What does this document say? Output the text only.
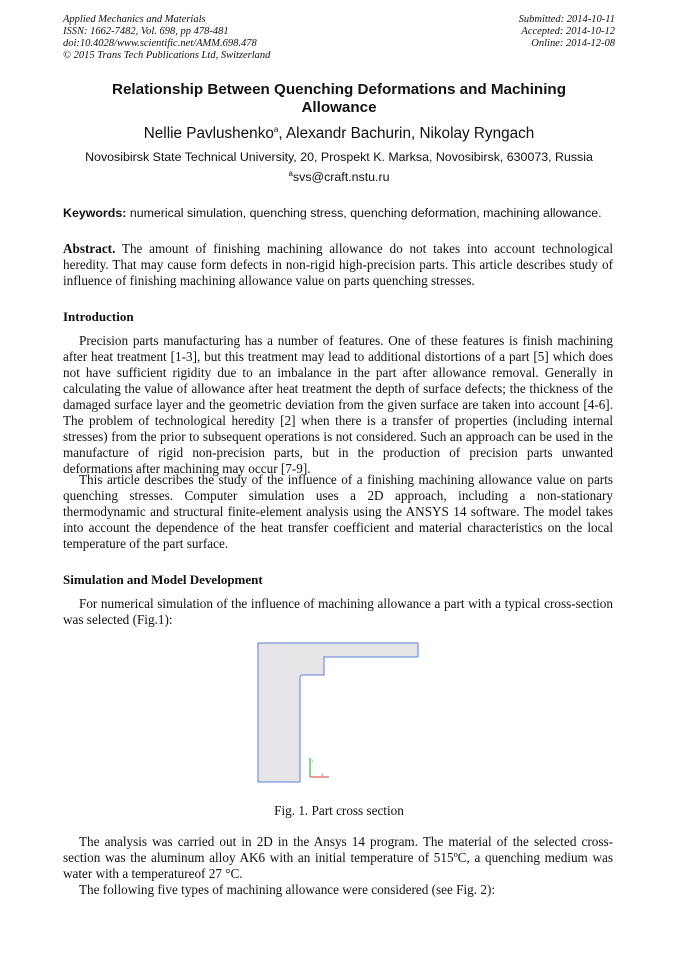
Applied Mechanics and Materials
ISSN: 1662-7482, Vol. 698, pp 478-481
doi:10.4028/www.scientific.net/AMM.698.478
© 2015 Trans Tech Publications Ltd, Switzerland
Submitted: 2014-10-11
Accepted: 2014-10-12
Online: 2014-12-08
Relationship Between Quenching Deformations and Machining
Allowance
Nellie Pavlushenko$^a$, Alexandr Bachurin, Nikolay Ryngach
Novosibirsk State Technical University, 20, Prospekt K. Marksa, Novosibirsk, 630073, Russia
$^a$svs@craft.nstu.ru
Keywords: numerical simulation, quenching stress, quenching deformation, machining allowance.
Abstract. The amount of finishing machining allowance do not takes into account technological heredity. That may cause form defects in non-rigid high-precision parts. This article describes study of influence of finishing machining allowance value on parts quenching stresses.
Introduction
Precision parts manufacturing has a number of features. One of these features is finish machining after heat treatment [1-3], but this treatment may lead to additional distortions of a part [5] which does not have sufficient rigidity due to an imbalance in the part after allowance removal. Generally in calculating the value of allowance after heat treatment the depth of surface defects; the thickness of the damaged surface layer and the geometric deviation from the given surface are taken into account [4-6]. The problem of technological heredity [2] when there is a transfer of properties (including internal stresses) from the prior to subsequent operations is not considered. Such an approach can be used in the manufacture of rigid non-precision parts, but in the production of precision parts unwanted deformations after machining may occur [7-9].
This article describes the study of the influence of a finishing machining allowance value on parts quenching stresses. Computer simulation uses a 2D approach, including a non-stationary thermodynamic and structural finite-element analysis using the ANSYS 14 software. The model takes into account the dependence of the heat transfer coefficient and material characteristics on the local temperature of the part surface.
Simulation and Model Development
For numerical simulation of the influence of machining allowance a part with a typical cross-section was selected (Fig.1):
Y
X
Fig. 1. Part cross section
The analysis was carried out in 2D in the Ansys 14 program. The material of the selected cross-section was the aluminum alloy AK6 with an initial temperature of 515ºC, a quenching medium was water with a temperatureof 27 °C.
The following five types of machining allowance were considered (see Fig. 2):
